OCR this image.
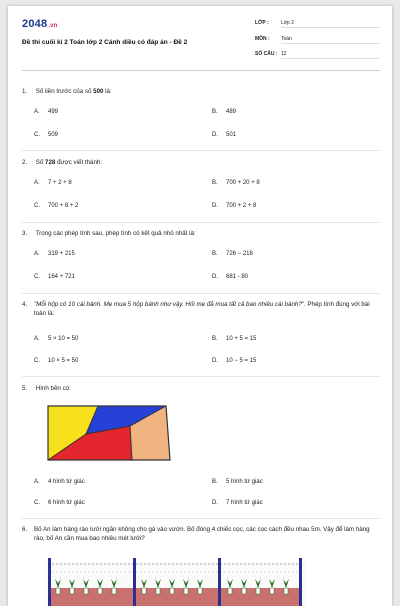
2048.vn
Đề thi cuối kì 2 Toán lớp 2 Cánh diều có đáp án - Đề 2
LỚP : Lớp 2
MÔN : Toán
SỐ CÂU : 12
1. Số liền trước của số 500 là:
A. 499	B. 489
C. 509	D. 501
2. Số 728 được viết thành:
A. 7 + 2 + 8	B. 700 + 20 + 8
C. 700 + 8 + 2	D. 700 + 2 + 8
3. Trong các phép tính sau, phép tính có kết quả nhỏ nhất là:
A. 319 + 215	B. 726 − 218
C. 164 + 721	D. 681 - 80
4.	"Mỗi hộp có 10 cái bánh. Mẹ mua 5 hộp bánh như vậy. Hỏi mẹ đã mua tất cả bao nhiêu cái bánh?". Phép tính đúng với bài toán là:
A. 5 × 10 = 50	B. 10 + 5 = 15
C. 10 × 5 = 50	D. 10 − 5 = 15
5. Hình bên có:
A. 4 hình tứ giác	B. 5 hình tứ giác
C. 6 hình tứ giác	D. 7 hình tứ giác
6.	Bố An làm hàng rào lưới ngăn không cho gà vào vườn. Bố đóng 4 chiếc cọc, các cọc cách đều nhau 5m. Vậy để làm hàng rào, bố An cần mua bao nhiêu mét lưới?
